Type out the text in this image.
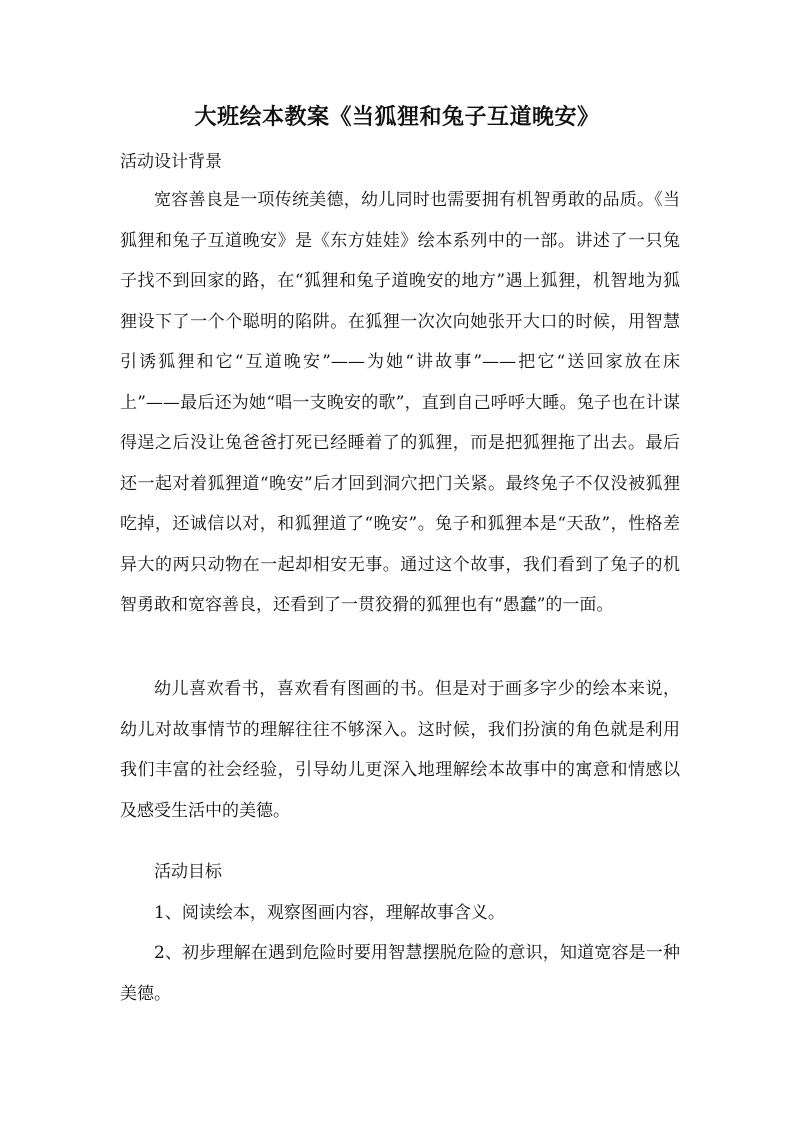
大班绘本教案《当狐狸和兔子互道晚安》

活动设计背景

宽容善良是一项传统美德，幼儿同时也需要拥有机智勇敢的品质。《当狐狸和兔子互道晚安》是《东方娃娃》绘本系列中的一部。讲述了一只兔子找不到回家的路，在“狐狸和兔子道晚安的地方”遇上狐狸，机智地为狐狸设下了一个个聪明的陷阱。在狐狸一次次向她张开大口的时候，用智慧引诱狐狸和它“互道晚安”——为她“讲故事”——把它“送回家放在床上”——最后还为她“唱一支晚安的歌”，直到自己呼呼大睡。兔子也在计谋得逞之后没让兔爸爸打死已经睡着了的狐狸，而是把狐狸拖了出去。最后还一起对着狐狸道“晚安”后才回到洞穴把门关紧。最终兔子不仅没被狐狸吃掉，还诚信以对，和狐狸道了“晚安”。兔子和狐狸本是“天敌”，性格差异大的两只动物在一起却相安无事。通过这个故事，我们看到了兔子的机智勇敢和宽容善良，还看到了一贯狡猾的狐狸也有“愚蠢”的一面。

幼儿喜欢看书，喜欢看有图画的书。但是对于画多字少的绘本来说，幼儿对故事情节的理解往往不够深入。这时候，我们扮演的角色就是利用我们丰富的社会经验，引导幼儿更深入地理解绘本故事中的寓意和情感以及感受生活中的美德。

活动目标

1、阅读绘本，观察图画内容，理解故事含义。

2、初步理解在遇到危险时要用智慧摆脱危险的意识，知道宽容是一种美德。
